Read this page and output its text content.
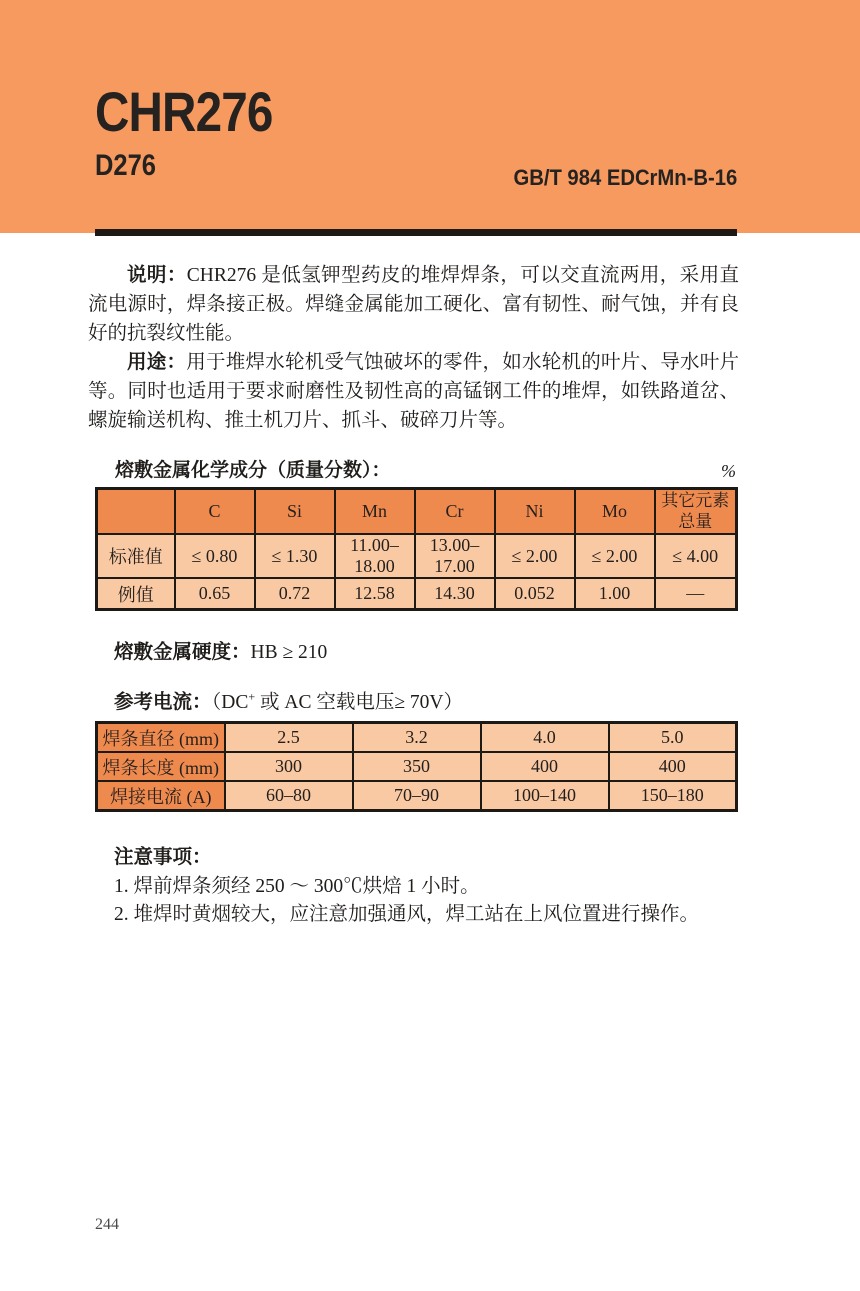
CHR276
D276	GB/T 984 EDCrMn-B-16

说明：CHR276 是低氢钾型药皮的堆焊焊条，可以交直流两用，采用直流电源时，焊条接正极。焊缝金属能加工硬化、富有韧性、耐气蚀，并有良好的抗裂纹性能。

用途：用于堆焊水轮机受气蚀破坏的零件，如水轮机的叶片、导水叶片等。同时也适用于要求耐磨性及韧性高的高锰钢工件的堆焊，如铁路道岔、螺旋输送机构、推土机刀片、抓斗、破碎刀片等。

熔敷金属化学成分（质量分数）：	%
	C	Si	Mn	Cr	Ni	Mo	其它元素总量
标准值	≤ 0.80	≤ 1.30	11.00–18.00	13.00–17.00	≤ 2.00	≤ 2.00	≤ 4.00
例值	0.65	0.72	12.58	14.30	0.052	1.00	—
熔敷金属硬度：HB ≥ 210
参考电流：（DC+ 或 AC 空载电压≥ 70V）
焊条直径 (mm)	2.5	3.2	4.0	5.0
焊条长度 (mm)	300	350	400	400
焊接电流 (A)	60–80	70–90	100–140	150–180
注意事项：
1. 焊前焊条须经 250 ～ 300℃烘焙 1 小时。
2. 堆焊时黄烟较大，应注意加强通风，焊工站在上风位置进行操作。
244
